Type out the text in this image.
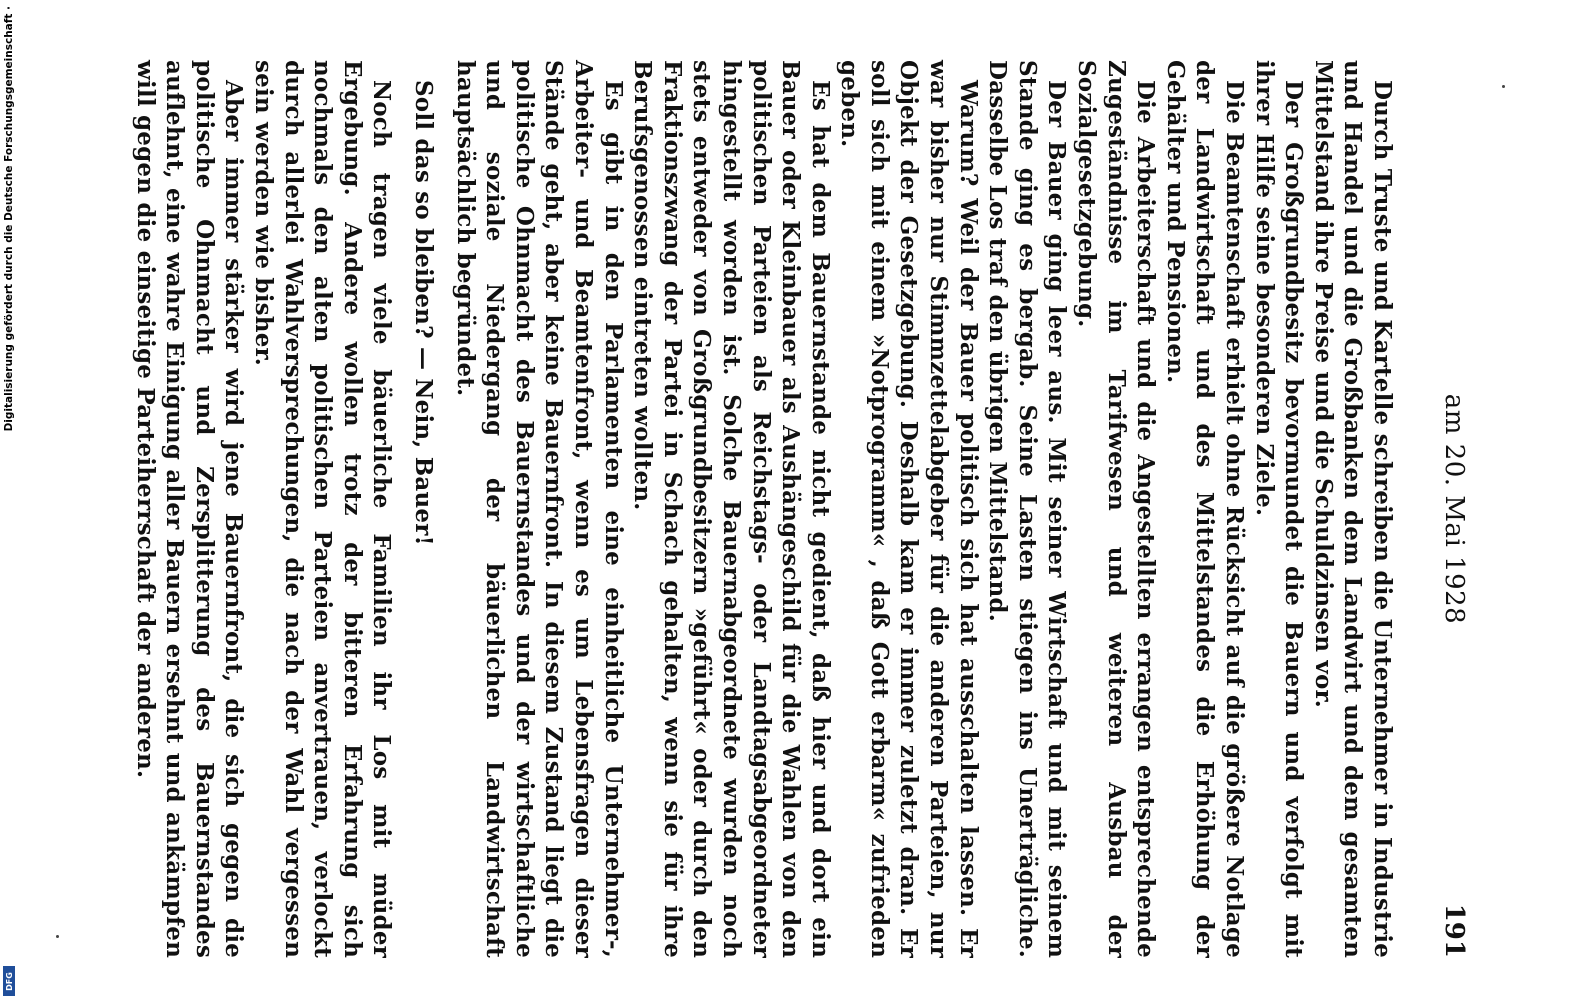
Digitalisierung gefördert durch die Deutsche Forschungsgemeinschaft ·
DFG
am 20. Mai 1928
191

Durch Truste und Kartelle schreiben die Unternehmer in Industrie und Handel und die Großbanken dem Landwirt und dem gesamten Mittelstand ihre Preise und die Schuldzinsen vor.

Der Großgrundbesitz bevormundet die Bauern und verfolgt mit ihrer Hilfe seine besonderen Ziele.

Die Beamtenschaft erhielt ohne Rücksicht auf die größere Notlage der Landwirtschaft und des Mittelstandes die Erhöhung der Gehälter und Pensionen.

Die Arbeiterschaft und die Angestellten errangen entsprechende Zugeständnisse im Tarifwesen und weiteren Ausbau der Sozialgesetzgebung.

Der Bauer ging leer aus. Mit seiner Wirtschaft und mit seinem Stande ging es bergab. Seine Lasten stiegen ins Unerträgliche. Dasselbe Los traf den übrigen Mittelstand.

Warum? Weil der Bauer politisch sich hat ausschalten lassen. Er war bisher nur Stimmzettelabgeber für die anderen Parteien, nur Objekt der Gesetzgebung. Deshalb kam er immer zuletzt dran. Er soll sich mit einem »Notprogramm« , daß Gott erbarm« zufrieden geben.

Es hat dem Bauernstande nicht gedient, daß hier und dort ein Bauer oder Kleinbauer als Aushängeschild für die Wahlen von den politischen Parteien als Reichstags- oder Landtagsabgeordneter hingestellt worden ist. Solche Bauernabgeordnete wurden noch stets entweder von Großgrundbesitzern »geführt« oder durch den Fraktionszwang der Partei in Schach gehalten, wenn sie für ihre Berufsgenossen eintreten wollten.

Es gibt in den Parlamenten eine einheitliche Unternehmer-, Arbeiter- und Beamtenfront, wenn es um Lebensfragen dieser Stände geht, aber keine Bauernfront. In diesem Zustand liegt die politische Ohnmacht des Bauernstandes und der wirtschaftliche und soziale Niedergang der bäuerlichen Landwirtschaft hauptsächlich begründet.

Soll das so bleiben? — Nein, Bauer!

Noch tragen viele bäuerliche Familien ihr Los mit müder Ergebung. Andere wollen trotz der bitteren Erfahrung sich nochmals den alten politischen Parteien anvertrauen, verlockt durch allerlei Wahlversprechungen, die nach der Wahl vergessen sein werden wie bisher.

Aber immer stärker wird jene Bauernfront, die sich gegen die politische Ohnmacht und Zersplitterung des Bauernstandes auflehnt, eine wahre Einigung aller Bauern ersehnt und ankämpfen will gegen die einseitige Parteiherrschaft der anderen.
